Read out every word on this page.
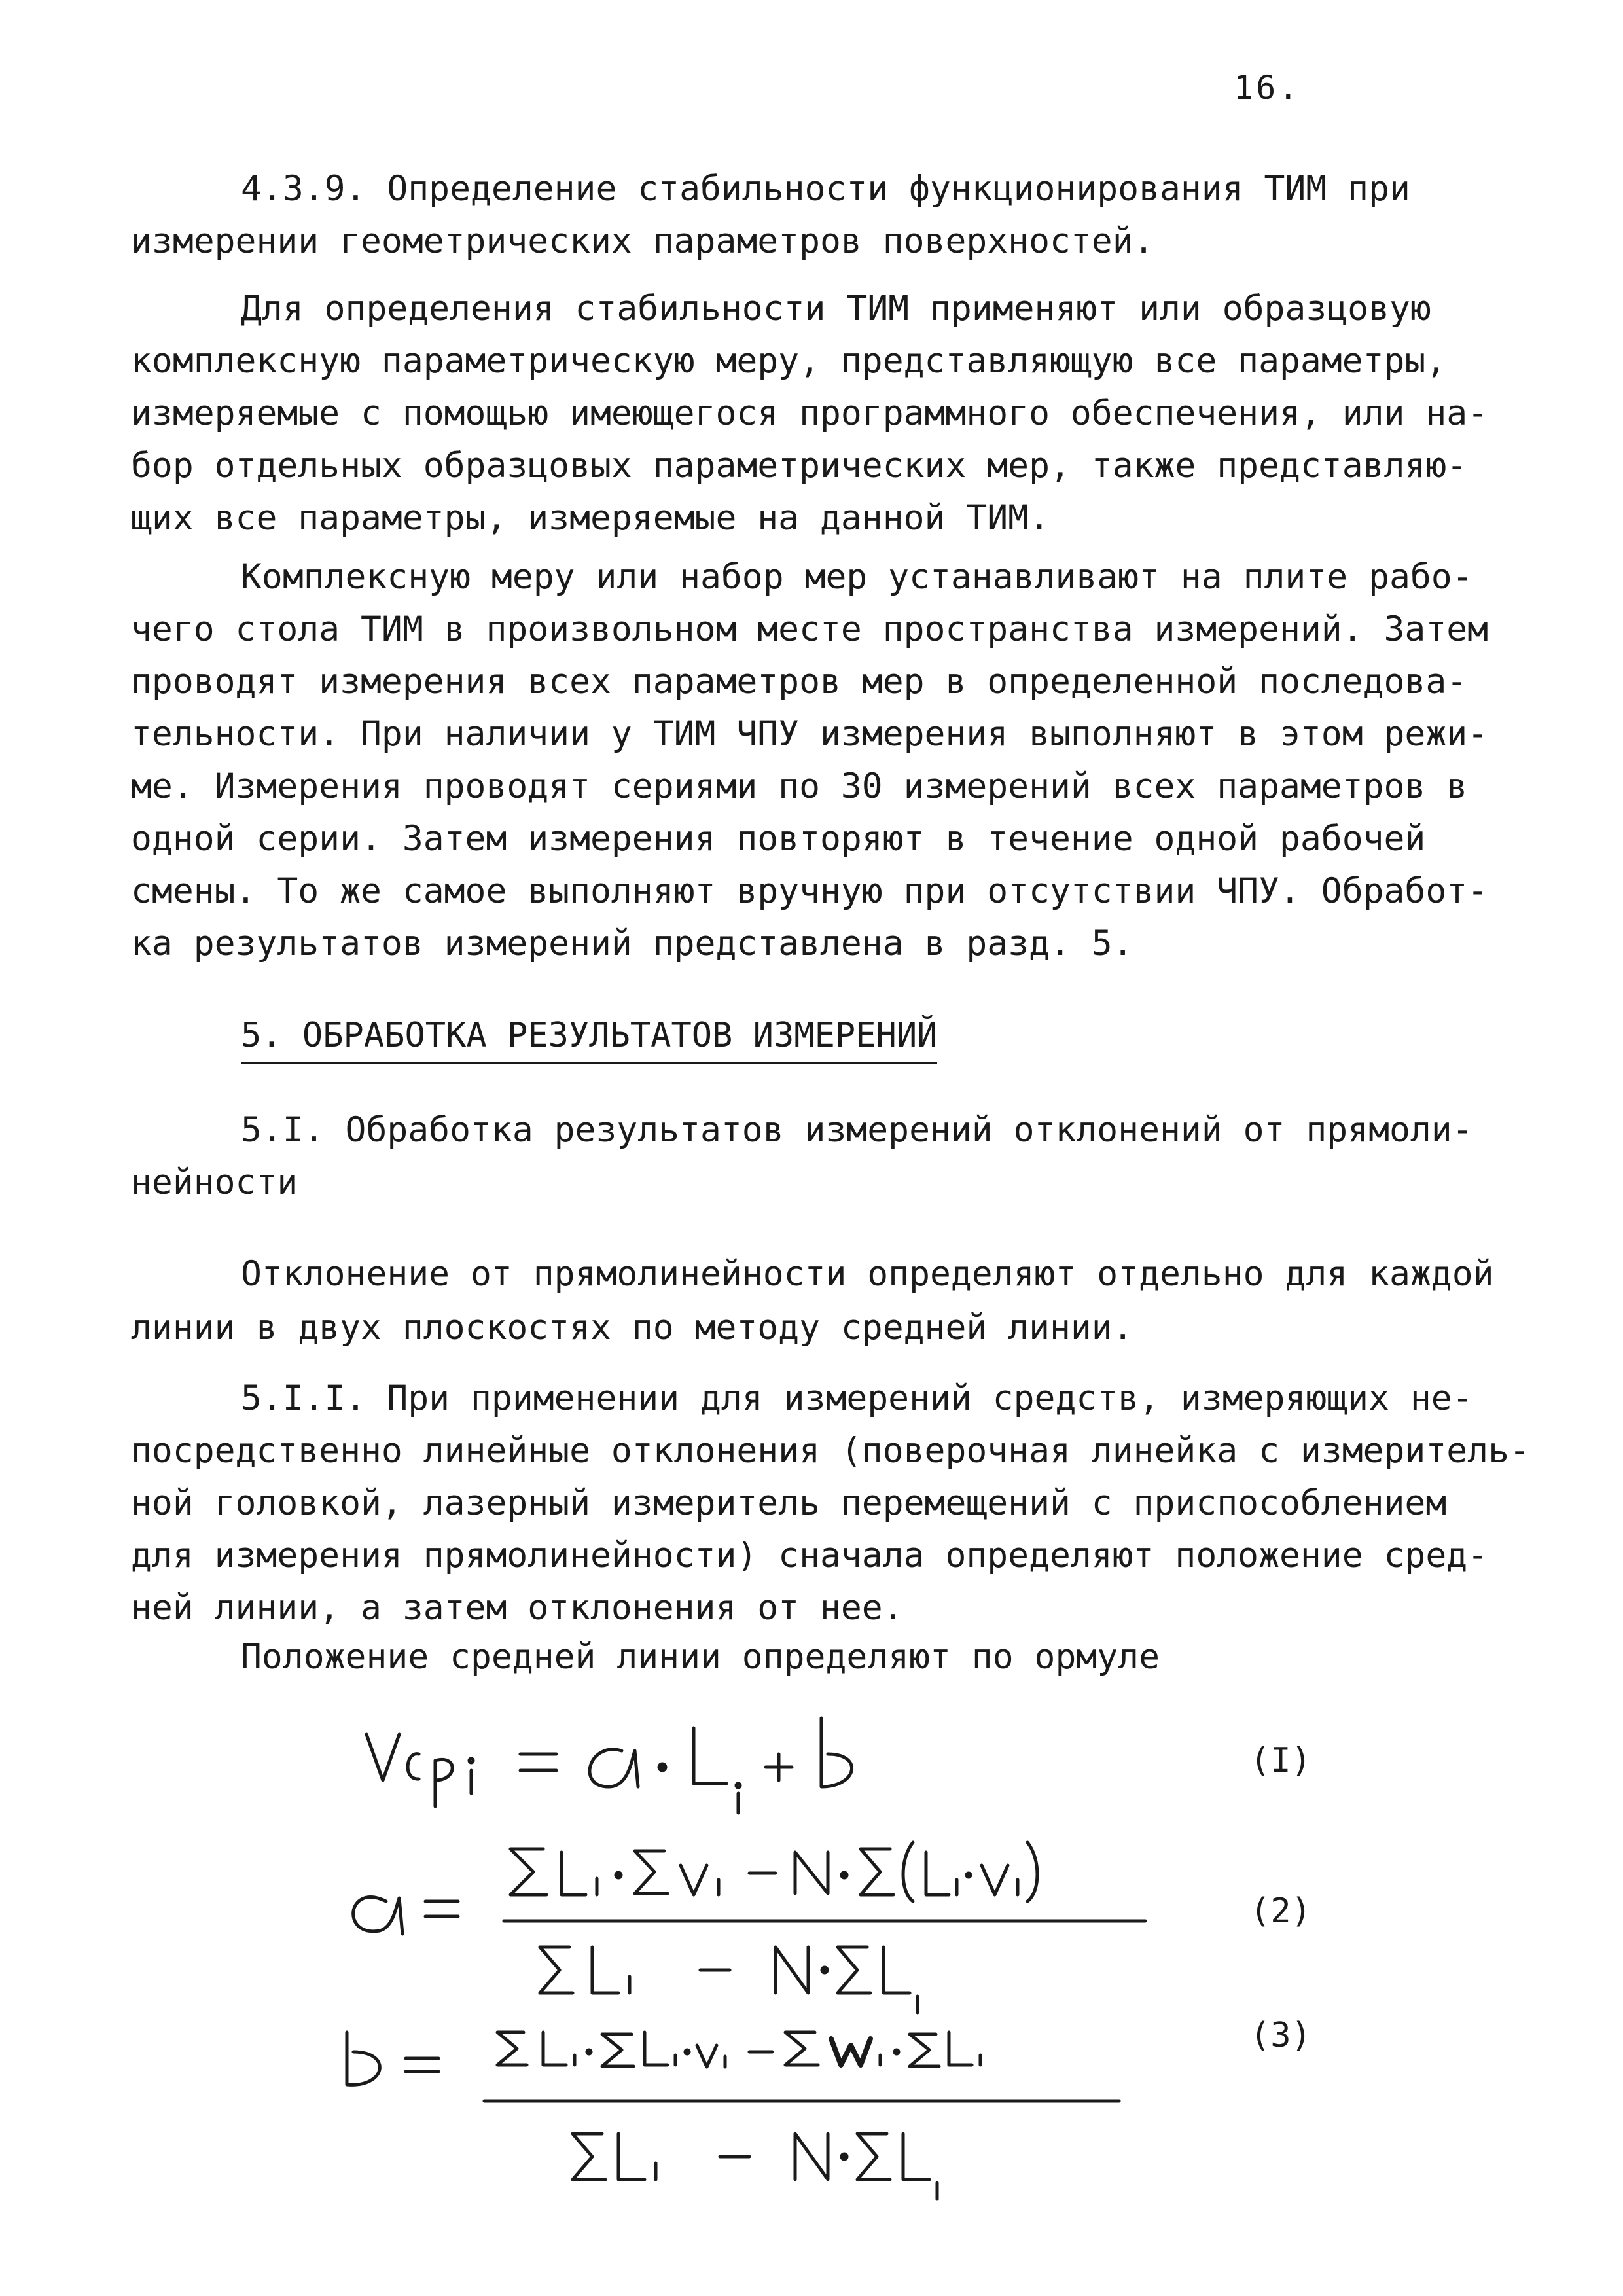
16.
4.3.9. Определение стабильности функционирования ТИМ при
измерении геометрических параметров поверхностей.
Для определения стабильности ТИМ применяют или образцовую
комплексную параметрическую меру, представляющую все параметры,
измеряемые с помощью имеющегося программного обеспечения, или на-
бор отдельных образцовых параметрических мер, также представляю-
щих все параметры, измеряемые на данной ТИМ.
Комплексную меру или набор мер устанавливают на плите рабо-
чего стола ТИМ в произвольном месте пространства измерений. Затем
проводят измерения всех параметров мер в определенной последова-
тельности. При наличии у ТИМ ЧПУ измерения выполняют в этом режи-
ме. Измерения проводят сериями по 30 измерений всех параметров в
одной серии. Затем измерения повторяют в течение одной рабочей
смены. То же самое выполняют вручную при отсутствии ЧПУ. Обработ-
ка результатов измерений представлена в разд. 5.
5. ОБРАБОТКА РЕЗУЛЬТАТОВ ИЗМЕРЕНИЙ
5.I. Обработка результатов измерений отклонений от прямоли-
нейности
Отклонение от прямолинейности определяют отдельно для каждой
линии в двух плоскостях по методу средней линии.
5.I.I. При применении для измерений средств, измеряющих не-
посредственно линейные отклонения (поверочная линейка с измеритель-
ной головкой, лазерный измеритель перемещений с приспособлением
для измерения прямолинейности) сначала определяют положение сред-
ней линии, а затем отклонения от нее.
Положение средней линии определяют по ормуле
(I)
(2)
(3)
